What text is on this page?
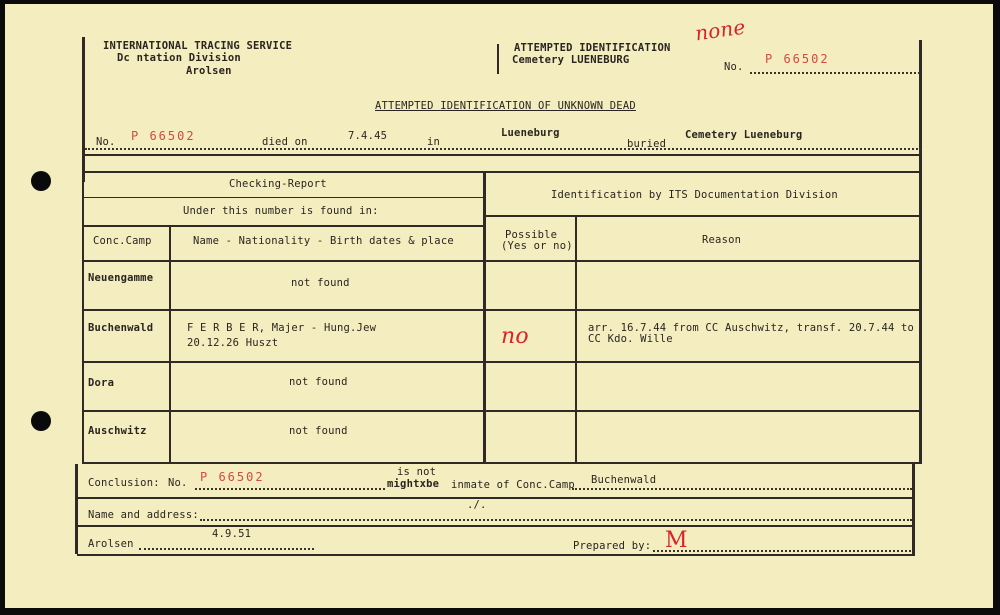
INTERNATIONAL TRACING SERVICE
Dc ntation Division
Arolsen
ATTEMPTED IDENTIFICATION
Cemetery LUENEBURG
none
No.
P 66502
ATTEMPTED IDENTIFICATION OF UNKNOWN DEAD
No. P 66502	died on	7.4.45	in
Lueneburg
buried
Cemetery Lueneburg
Checking-Report
Under this number is found in:
Conc.Camp	Name - Nationality - Birth dates & place
Identification by ITS Documentation Division
Possible
(Yes or no)	Reason
Neuengamme	not found
Buchenwald	F E R B E R, Majer - Hung.Jew
20.12.26 Huszt	no	arr. 16.7.44 from CC Auschwitz, transf. 20.7.44 to
CC Kdo. Wille
Dora	not found
Auschwitz	not found
Conclusion: No. P 66502	is not
mightxbe inmate of Conc.Camp Buchenwald
Name and address:
./.
Arolsen
4.9.51
Prepared by: M
